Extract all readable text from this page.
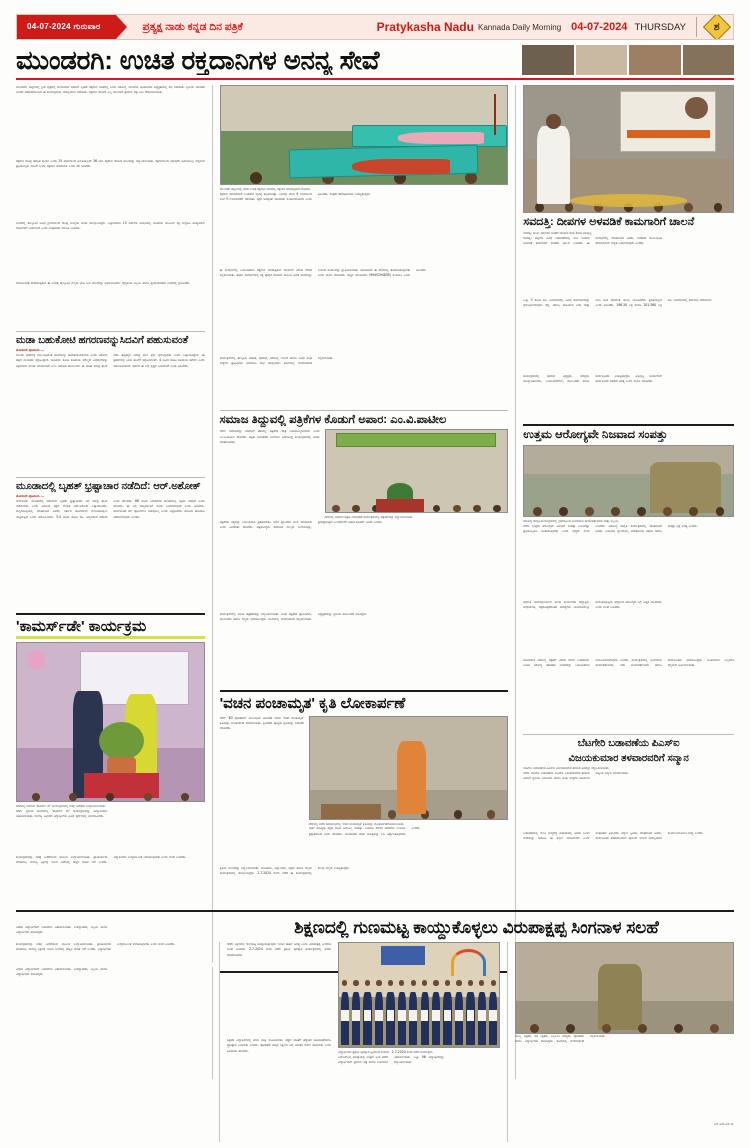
04-07-2024 ಗುರುವಾರ	ಪ್ರತ್ಯಕ್ಷ ನಾಡು ಕನ್ನಡ ದಿನ ಪತ್ರಿಕೆ	Pratykasha Nadu Kannada Daily Morning 04-07-2024 THURSDAY	ಶ
ಮುಂಡರಗಿ: ಉಚಿತ ರಕ್ತದಾನಿಗಳ ಅನನ್ಯ ಸೇವೆ
ಮುಂಡರಗಿ: ಪಟ್ಟಣದಲ್ಲಿ ಶ್ರೀಶ ವೃತ್ತದಲ್ಲಿ ಮಂಗಳವಾರ ಜರುಗಿದ ಬೃಹತ್ ರಕ್ತದಾನ ಶಿಬಿರದಲ್ಲಿ ಎಂದು ಆರೋಗ್ಯ ಇಲಾಖೆಯ ಅಧಿಕಾರಿಗಳು ಅಧ್ಯಕ್ಷತೆಯಲ್ಲಿ ಸಭೆ ನಡೆಯಿತು. ಸ್ಥಳೀಯ ಯುವಕರ ಬಳಗದ ಸಹಕಾರದೊಂದಿಗೆ ಈ ಕಾರ್ಯಕ್ರಮವು ಯಶಸ್ವಿಯಾಗಿ ನಡೆಯಿತು. ರಕ್ತದಾನ ಮಾಡಿದ ಎಲ್ಲ ದಾನಿಗಳಿಗೆ ಪ್ರಮಾಣ ಪತ್ರ ನೀಡಿ ಗೌರವಿಸಲಾಯಿತು.
ರಕ್ತದಾನ ದೊಡ್ಡ ಪರಹಿತ ಕಾರ್ಯ ಎಂದು 15 ವರ್ಷಗಳಿಂದ ಅಣತಿಯಿಲ್ಲದೇ 36 ಬಾರಿ ರಕ್ತದಾನ ಮಾಡಿದ ದಾನಿಗಳನ್ನು ಸನ್ಮಾನಿಸಲಾಯಿತು. ರಕ್ತದಾನದಿಂದ ಯಾವುದೇ ಅಪಾಯವಿಲ್ಲ ಆದ್ದರಿಂದ ಪ್ರತಿಯೊಬ್ಬರು ಮುಂದೆ ಬಂದು ರಕ್ತದಾನ ಮಾಡಬೇಕು ಎಂದು ಕರೆ ನೀಡಿದರು.
ಶಿಬಿರದಲ್ಲಿ ತಾಲ್ಲೂಕಿನ ವಿವಿಧ ಗ್ರಾಮಗಳಿಂದ ದೊಡ್ಡ ಸಂಖ್ಯೆಯ ಜನರು ಪಾಲ್ಗೊಂಡಿದ್ದರು. ಒಟ್ಟಾರೆಯಾಗಿ 15 ವರ್ಷಗಳ ಅವಧಿಯಲ್ಲಿ ಸಾವಿರಾರು ಯೂನಿಟ್ ರಕ್ತ ಸಂಗ್ರಹಿಸಿ ಅಗತ್ಯವಿರುವ ರೋಗಿಗಳಿಗೆ ನೀಡಲಾಗಿದೆ ಎಂದು ಸಂಘಟಕರು ಮಾಹಿತಿ ನೀಡಿದರು.
ಮಾನವೀಯತೆ ಮೆರೆಯುತ್ತಿರುವ ಈ ಶಿಬಿರಕ್ಕೆ ತಾಲ್ಲೂಕಿನ ಗಣ್ಯರು ಭೇಟಿ ನೀಡಿ ದಾನಿಗಳನ್ನು ಅಭಿನಂದಿಸಿದರು. ವೈದ್ಯಕೀಯ ಸಿಬ್ಬಂದಿ ಹಾಗೂ ಸ್ವಯಂಸೇವಕರು ಶಿಬಿರದಲ್ಲಿ ಶ್ರಮಿಸಿದರು.
ಮಡಾ ಬಹುಕೋಟಿ ಹಗರಣವನ್ನುಸಿದವಿಗೆ ಪಹುಸುವಂತೆ
ಮೊದಲನೇ ಪುಟದಿಂದ....
ಮೂಡಾ ಹಗರಣಕ್ಕೆ ಸಂಬಂಧಿಸಿದಂತೆ ತನಿಖೆಯನ್ನು ಚುರುಕುಗೊಳಿಸಬೇಕು ಎಂದು ವಿರೋಧ ಪಕ್ಷದ ನಾಯಕರು ಆಗ್ರಹಿಸಿದ್ದಾರೆ. ಸಾವಿರಾರು ಕೋಟಿ ರೂಪಾಯಿ ಮೌಲ್ಯದ ನಿವೇಶನಗಳನ್ನು ಅಕ್ರಮವಾಗಿ ಹಂಚಿಕೆ ಮಾಡಲಾಗಿದೆ ಎಂಬ ಆರೋಪ ಕೇಳಿಬಂದಿದೆ. ಈ ಕುರಿತು ಸಮಗ್ರ ತನಿಖೆ ನಡೆಸಿ ತಪ್ಪಿತಸ್ಥರ ವಿರುದ್ಧ ಕಠಿಣ ಕ್ರಮ ಕೈಗೊಳ್ಳಬೇಕು ಎಂದು ಒತ್ತಾಯಿಸಿದ್ದಾರೆ. ಈ ಪ್ರಕರಣದಲ್ಲಿ ಸಿಬಿಐ ತನಿಖೆಗೆ ಆಗ್ರಹಿಸಲಾಗಿದೆ. 4 ಸಾವಿರ ಕೋಟಿ ರೂಪಾಯಿ ಹಗರಣ ಎಂದು ಆರೋಪಿಸಲಾಗಿದೆ. ಸರ್ಕಾರ ಈ ಬಗ್ಗೆ ಸ್ಪಷ್ಟನೆ ನೀಡಬೇಕಿದೆ ಎಂದು ತಿಳಿಸಿದರು.
ಮೂಡಾದಲ್ಲಿ ಬೃಹತ್ ಭ್ರಷ್ಟಾಚಾರ ನಡೆದಿದೆ: ಆರ್.ಅಶೋಕ್
ಮೊದಲನೇ ಪುಟದಿಂದ....
ಬೆಂಗಳೂರು: ಮೂಡಾದಲ್ಲಿ ನಡೆದಿರುವ ಬೃಹತ್ ಭ್ರಷ್ಟಾಚಾರದ ಬಗ್ಗೆ ಸಮಗ್ರ ತನಿಖೆ ನಡೆಯಬೇಕು ಎಂದು ವಿರೋಧ ಪಕ್ಷದ ನಾಯಕ ಆರ್.ಅಶೋಕ್ ಒತ್ತಾಯಿಸಿದರು. ಸುದ್ದಿಗೋಷ್ಠಿಯಲ್ಲಿ ಮಾತನಾಡಿದ ಅವರು, ಸರ್ಕಾರ ತನಿಖೆಯಿಂದ ನುಣುಚಿಕೊಳ್ಳಲು ಯತ್ನಿಸುತ್ತಿದೆ ಎಂದು ಆರೋಪಿಸಿದರು. 3-4 ಸಾವಿರ ಕೋಟಿ ರೂ. ಅವ್ಯವಹಾರ ನಡೆದಿದೆ ಎಂದು ಹೇಳಿದರು. 86 ಸಾವಿರ ನಿವೇಶನಗಳ ಹಂಚಿಕೆಯಲ್ಲಿ ಅಕ್ರಮ ನಡೆದಿದೆ ಎಂದು ಹೇಳಿದರು. ಈ ಬಗ್ಗೆ ರಾಜ್ಯಪಾಲರಿಗೆ ದೂರು ನೀಡಲಾಗುವುದು ಎಂದು ತಿಳಿಸಿದರು. ಸಾರ್ವಜನಿಕರ ಹಣ ಪೋಲಾಗಲು ಬಿಡುವುದಿಲ್ಲ ಎಂದು ಎಚ್ಚರಿಸಿದರು. ಕಾನೂನು ಹೋರಾಟ ನಡೆಸಲಾಗುವುದು ಎಂದರು.
'ಕಾಮರ್ಸ್‌ಡೇ' ಕಾರ್ಯಕ್ರಮ
ಗದಗನಲ್ಲಿ ಜರುಗಿದ 'ಕಾಮರ್ಸ್ ಡೇ' ಕಾರ್ಯಕ್ರಮದಲ್ಲಿ ಗಿಡಕ್ಕೆ ನೀರೆರೆದು ಉದ್ಘಾಟಿಸಲಾಯಿತು.
ಗದಗ: ಸ್ಥಳೀಯ ಕಾಲೇಜಿನಲ್ಲಿ 'ಕಾಮರ್ಸ್ ಡೇ' ಕಾರ್ಯಕ್ರಮವನ್ನು ಅದ್ದೂರಿಯಾಗಿ ಆಚರಿಸಲಾಯಿತು. ವಾಣಿಜ್ಯ ವಿಭಾಗದ ವಿದ್ಯಾರ್ಥಿಗಳು ವಿವಿಧ ಸ್ಪರ್ಧೆಗಳಲ್ಲಿ ಭಾಗವಹಿಸಿದರು.
ಕಾರ್ಯಕ್ರಮವನ್ನು ಗಿಡಕ್ಕೆ ನೀರೆರೆಯುವ ಮೂಲಕ ಉದ್ಘಾಟಿಸಲಾಯಿತು. ಪ್ರಾಚಾರ್ಯರು ಮಾತನಾಡಿ, ವಾಣಿಜ್ಯ ಶಿಕ್ಷಣಕ್ಕೆ ಇಂದಿನ ದಿನಗಳಲ್ಲಿ ಹೆಚ್ಚಿನ ಬೇಡಿಕೆ ಇದೆ ಎಂದರು. ವಿದ್ಯಾರ್ಥಿಗಳು ಉದ್ಯಮಶೀಲತೆ ಬೆಳೆಸಿಕೊಳ್ಳಬೇಕು ಎಂದು ಸಲಹೆ ನೀಡಿದರು.
ವಿಜೇತ ವಿದ್ಯಾರ್ಥಿಗಳಿಗೆ ಬಹುಮಾನ ವಿತರಿಸಲಾಯಿತು. ಉಪನ್ಯಾಸಕರು, ಸಿಬ್ಬಂದಿ ಹಾಗೂ ವಿದ್ಯಾರ್ಥಿಗಳು ಹಾಜರಿದ್ದರು.
ಮುಂಡರಗಿ ಪಟ್ಟಣದಲ್ಲಿ ನಡೆದ ಉಚಿತ ರಕ್ತದಾನ ಶಿಬಿರದಲ್ಲಿ ರಕ್ತದಾನ ಮಾಡುತ್ತಿರುವ ದಾನಿಗಳು.
ರಕ್ತದಾನ ಮಾಡಿದವರಿಗೆ ಉಪಹಾರ ವ್ಯವಸ್ಥೆ ಕಲ್ಪಿಸಲಾಗಿತ್ತು. ಶಿಬಿರವು ಬೆಳಿಗ್ಗೆ 9 ಗಂಟೆಯಿಂದ ಸಂಜೆ 5 ಗಂಟೆಯವರೆಗೆ ನಡೆಯಿತು. ರಕ್ತದ ಅವಶ್ಯಕತೆ ಇರುವವರು ಸಂಪರ್ಕಿಸಬಹುದು ಎಂದು ತಿಳಿಸಿದರು. ಸಂಘದ ಪದಾಧಿಕಾರಿಗಳು ಉಪಸ್ಥಿತರಿದ್ದರು.
ಈ ಸಂದರ್ಭದಲ್ಲಿ ನಿಯಮಿತವಾಗಿ ರಕ್ತದಾನ ಮಾಡುತ್ತಿರುವ ದಾನಿಗಳಿಗೆ ವಿಶೇಷ ಗೌರವ ಸಲ್ಲಿಸಲಾಯಿತು. ತುರ್ತು ಸಂದರ್ಭಗಳಲ್ಲಿ ರಕ್ತ ಪೂರೈಕೆ ಮಾಡುವ ಮೂಲಕ ಅನೇಕ ಜೀವಗಳನ್ನು ಉಳಿಸಿದ ಕಾರ್ಯವನ್ನು ಶ್ಲಾಘಿಸಲಾಯಿತು. ಯುವಜನರು ಈ ಸೇವೆಯಲ್ಲಿ ತೊಡಗಿಸಿಕೊಳ್ಳಬೇಕು ಎಂದು ಮನವಿ ಮಾಡಿದರು. ಹೆಚ್ಚಿನ ಮಾಹಿತಿಗಾಗಿ (9945294839) ಸಂಪರ್ಕಿಸಿ ಎಂದು ತಿಳಿಸಿದರು.
ಕಾರ್ಯಕ್ರಮದಲ್ಲಿ ತಾಲ್ಲೂಕು ಆಡಳಿತ, ಪುರಸಭೆ, ಆರೋಗ್ಯ ಇಲಾಖೆ ಹಾಗೂ ವಿವಿಧ ಸಂಘ ಸಂಸ್ಥೆಗಳ ಪ್ರತಿನಿಧಿಗಳು ಭಾಗವಹಿಸಿ ಶುಭ ಹಾರೈಸಿದರು. ಕೊನೆಯಲ್ಲಿ ವಂದನಾರ್ಪಣೆ ಸಲ್ಲಿಸಲಾಯಿತು.
ಸಮಾಜ ತಿದ್ದುವಲ್ಲಿ ಪತ್ರಿಕೆಗಳ ಕೊಡುಗೆ ಅಪಾರ: ಎಂ.ವಿ.ಪಾಟೀಲ
ಗದಗ: ಸಮಾಜವನ್ನು ಸರಿದಾರಿಗೆ ತರುವಲ್ಲಿ ಪತ್ರಿಕೆಗಳ ಪಾತ್ರ ಬಹುಮುಖ್ಯವಾದುದು ಎಂದು ಎಂ.ವಿ.ಪಾಟೀಲ ಹೇಳಿದರು. ಪತ್ರಿಕಾ ದಿನಾಚರಣೆ ಅಂಗವಾಗಿ ಏರ್ಪಡಿಸಿದ್ದ ಕಾರ್ಯಕ್ರಮದಲ್ಲಿ ಅವರು ಮಾತನಾಡಿದರು.
ಗದಗನಲ್ಲಿ ಜರುಗಿದ ಪತ್ರಿಕಾ ದಿನಾಚರಣೆ ಕಾರ್ಯಕ್ರಮದಲ್ಲಿ ಪತ್ರಕರ್ತರನ್ನು ಸನ್ಮಾನಿಸಲಾಯಿತು.
ಪತ್ರಿಕೆಗಳು ಸತ್ಯವನ್ನು ನಿರ್ಭಯವಾಗಿ ಪ್ರಕಟಿಸಬೇಕು. ಜನರ ಧ್ವನಿಯಾಗಿ ಕೆಲಸ ಮಾಡಬೇಕು ಎಂದು ಕಿವಿಮಾತು ಹೇಳಿದರು. ಪತ್ರಿಕೋದ್ಯಮ ಸಮಾಜದ ನಾಲ್ಕನೇ ಅಂಗವಾಗಿದ್ದು, ಪ್ರಜಾಪ್ರಭುತ್ವದ ಬಲವರ್ಧನೆಗೆ ಅಪಾರ ಕೊಡುಗೆ ನೀಡಿದೆ ಎಂದರು.
ಕಾರ್ಯಕ್ರಮದಲ್ಲಿ ಹಿರಿಯ ಪತ್ರಕರ್ತರನ್ನು ಸನ್ಮಾನಿಸಲಾಯಿತು. ವಿವಿಧ ಪತ್ರಿಕೆಗಳ ಪ್ರತಿನಿಧಿಗಳು, ಮುಖಂಡರು ಹಾಗೂ ಗಣ್ಯರು ಭಾಗವಹಿಸಿದ್ದರು. ಕೊನೆಯಲ್ಲಿ ವಂದನಾರ್ಪಣೆ ಸಲ್ಲಿಸಲಾಯಿತು. ಅಧ್ಯಕ್ಷತೆಯನ್ನು ಸ್ಥಳೀಯ ಮುಖಂಡರು ವಹಿಸಿದ್ದರು.
'ವಚನ ಪಂಚಾಮೃತ' ಕೃತಿ ಲೋಕಾರ್ಪಣೆ
ಗದಗ: '63 ಪುರಾತನರು' ಸಂಬಂಧಿಸಿದ ನಿರೂಪಣೆ ಇರುವ 'ವಚನ ಪಂಚಾಮೃತ' ಕೃತಿಯನ್ನು ಲೋಕಾರ್ಪಣೆ ಮಾಡಲಾಯಿತು. ಶ್ರೀಮಠದ ಪೂಜ್ಯರು ಕೃತಿಯನ್ನು ಬಿಡುಗಡೆ ಮಾಡಿದರು.
ಗದಗನಲ್ಲಿ ನಡೆದ ಸಮಾರಂಭದಲ್ಲಿ 'ವಚನ ಪಂಚಾಮೃತ' ಕೃತಿಯನ್ನು ಲೋಕಾರ್ಪಣೆಗೊಳಿಸಲಾಯಿತು.
ವಚನ ಸಾಹಿತ್ಯವು ಕನ್ನಡ ನಾಡಿನ ಅಮೂಲ್ಯ ಸಂಪತ್ತು. ಬಸವಾದಿ ಶರಣರ ವಚನಗಳು ಇಂದಿಗೂ ಪ್ರಸ್ತುತವಾಗಿವೆ ಎಂದು ಹೇಳಿದರು. ಯುವಜನರು ವಚನ ಸಾಹಿತ್ಯವನ್ನು ಓದಿ ಅರ್ಥೈಸಿಕೊಳ್ಳಬೇಕು ಎಂದರು.
ಕೃತಿಯ ಲೇಖಕರನ್ನು ಸನ್ಮಾನಿಸಲಾಯಿತು. ಸಾಹಿತಿಗಳು, ವಿದ್ವಾಂಸರು, ಭಕ್ತರು ಹಾಗೂ ಗಣ್ಯರು ಕಾರ್ಯಕ್ರಮದಲ್ಲಿ ಪಾಲ್ಗೊಂಡಿದ್ದರು. 2-7-2024 ರಂದು ನಡೆದ ಈ ಕಾರ್ಯಕ್ರಮದಲ್ಲಿ ಹಲವು ಗಣ್ಯರು ಉಪಸ್ಥಿತರಿದ್ದರು.
ಸವದತ್ತಿ: ದೀಪಗಳ ಅಳವಡಿಕೆ ಕಾಮಗಾರಿಗೆ ಚಾಲನೆ
ಸವದತ್ತಿ: ರಾ.ಹೆ. ಸರ್ಕಾರದ ಜನತೆಗೆ ಆದಿವಾಸ ಶಂಕು ಕೇಳದ ಅಭಿವೃದ್ಧಿ
ಸವದತ್ತಿ: ಪಟ್ಟಣದ ವಿವಿಧ ಬಡಾವಣೆಗಳಲ್ಲಿ ಬೀದಿ ದೀಪಗಳ ಅಳವಡಿಕೆ ಕಾಮಗಾರಿಗೆ ಶಾಸಕರು ಚಾಲನೆ ನೀಡಿದರು. ಈ ಸಂದರ್ಭದಲ್ಲಿ ಮಾತನಾಡಿದ ಅವರು, ನಾಗರಿಕರ ಮೂಲಭೂತ ಸೌಕರ್ಯಗಳಿಗೆ ಆದ್ಯತೆ ನೀಡಲಾಗುವುದು ಎಂದರು.
ಒಟ್ಟು 3 ಕೋಟಿ ರೂ. ಅನುದಾನದಲ್ಲಿ ವಿವಿಧ ಕಾಮಗಾರಿಗಳನ್ನು ಕೈಗೊಳ್ಳಲಾಗುವುದು. ರಸ್ತೆ, ಚರಂಡಿ, ಕುಡಿಯುವ ನೀರು ಮತ್ತು ಬೀದಿ ದೀಪ ಸೇರಿದಂತೆ ಹಲವು ಯೋಜನೆಗಳು ಪ್ರಗತಿಯಲ್ಲಿವೆ ಎಂದು ತಿಳಿಸಿದರು. 198.30 ಲಕ್ಷ ಹಾಗೂ 201.560 ಲಕ್ಷ ರೂ. ಅನುದಾನದಲ್ಲಿ ಕಾಮಗಾರಿ ನಡೆಯಲಿದೆ.
ಕಾರ್ಯಕ್ರಮದಲ್ಲಿ ಪುರಸಭೆ ಅಧ್ಯಕ್ಷರು, ಸದಸ್ಯರು, ಮುಖ್ಯಾಧಿಕಾರಿಗಳು, ಎಂಜಿನಿಯರ್‌ಗಳು, ಮುಖಂಡರು ಹಾಗೂ ಸಾರ್ವಜನಿಕರು ಉಪಸ್ಥಿತರಿದ್ದರು. ಅಭಿವೃದ್ಧಿ ಕಾರ್ಯಗಳಿಗೆ ಸಾರ್ವಜನಿಕರ ಸಹಕಾರ ಅಗತ್ಯ ಎಂದು ಮನವಿ ಮಾಡಿದರು.
ಉತ್ತಮ ಆರೋಗ್ಯವೇ ನಿಜವಾದ ಸಂಪತ್ತು
ಆರೋಗ್ಯ ಜಾಗೃತಿ ಕಾರ್ಯಕ್ರಮದಲ್ಲಿ ಭಾಗವಹಿಸಿದ ಅಂಗನವಾಡಿ ಕಾರ್ಯಕರ್ತೆಯರು ಮತ್ತು ಸಿಬ್ಬಂದಿ.
ಗದಗ: ಉತ್ತಮ ಆರೋಗ್ಯವೇ ನಿಜವಾದ ಸಂಪತ್ತು ಎಂಬುದನ್ನು ಪ್ರತಿಯೊಬ್ಬರೂ ಅರಿತುಕೊಳ್ಳಬೇಕು ಎಂದು ವೈದ್ಯರು ಸಲಹೆ ನೀಡಿದರು. ಆರೋಗ್ಯ ಜಾಗೃತಿ ಕಾರ್ಯಕ್ರಮದಲ್ಲಿ ಮಾತನಾಡಿದ ಅವರು, ನಿಯಮಿತ ವ್ಯಾಯಾಮ, ಸಮತೋಲಿತ ಆಹಾರ ಹಾಗೂ ಸಾಕಷ್ಟು ನಿದ್ರೆ ಅಗತ್ಯ ಎಂದರು.
ಆಧುನಿಕ ಜೀವನಶೈಲಿಯಿಂದ ಹಲವು ಕಾಯಿಲೆಗಳು ಹೆಚ್ಚುತ್ತಿವೆ. ಮಧುಮೇಹ, ರಕ್ತದೊತ್ತಡದಂತಹ ಸಮಸ್ಯೆಗಳು ಯುವಜನರಲ್ಲೂ ಕಾಣಿಸಿಕೊಳ್ಳುತ್ತಿವೆ. ಆದ್ದರಿಂದ ಆರೋಗ್ಯದ ಬಗ್ಗೆ ಎಚ್ಚರ ವಹಿಸಬೇಕು ಎಂದು ಸಲಹೆ ನೀಡಿದರು.
ಮಹಿಳೆಯರ ಆರೋಗ್ಯ ರಕ್ಷಣೆಗೆ ವಿಶೇಷ ಗಮನ ನೀಡಬೇಕಿದೆ. ಉಚಿತ ಆರೋಗ್ಯ ತಪಾಸಣಾ ಶಿಬಿರಗಳನ್ನು ನಿಯಮಿತವಾಗಿ ಆಯೋಜಿಸಲಾಗುವುದು ಎಂದರು. ಕಾರ್ಯಕ್ರಮದಲ್ಲಿ ಅಂಗನವಾಡಿ ಕಾರ್ಯಕರ್ತೆಯರು, ಆಶಾ ಕಾರ್ಯಕರ್ತೆಯರು ಹಾಗೂ ಸಾರ್ವಜನಿಕರು ಭಾಗವಹಿಸಿದ್ದರು. ಅಂತಿಮವಾಗಿ ಎಲ್ಲರಿಗೂ ಧನ್ಯವಾದ ಅರ್ಪಿಸಲಾಯಿತು.
ಬೆಟಗೇರಿ ಬಡಾವಣೆಯ ಪಿಎಸ್‌ಐ
ವಿಜಯಕುಮಾರ ತಳವಾರವರಿಗೆ ಸನ್ಮಾನ
ಬೆಟಗೇರಿ ಬಡಾವಣೆಯ ಪಿಎಸ್‌ಐ ವಿಜಯಕುಮಾರ ತಳವಾರ ಅವರನ್ನು ಸನ್ಮಾನಿಸಲಾಯಿತು.
ಗದಗ: ಬೆಟಗೇರಿ ಬಡಾವಣೆಯ ಪಿಎಸ್‌ಐ ವಿಜಯಕುಮಾರ ತಳವಾರ ಅವರಿಗೆ ಸ್ಥಳೀಯ ನಿವಾಸಿಗಳು ಹಾಗೂ ಸಂಘ ಸಂಸ್ಥೆಗಳ ವತಿಯಿಂದ ಆತ್ಮೀಯ ಸನ್ಮಾನ ಮಾಡಲಾಯಿತು.
ಬಡಾವಣೆಯಲ್ಲಿ ಶಾಂತಿ ಸುವ್ಯವಸ್ಥೆ ಕಾಪಾಡುವಲ್ಲಿ ಅವರು ನೀಡಿದ ಸೇವೆಯನ್ನು ಗುರುತಿಸಿ ಈ ಸನ್ಮಾನ ಮಾಡಲಾಗಿದೆ ಎಂದು ಸಂಘಟಕರು ತಿಳಿಸಿದರು. ಸನ್ಮಾನ ಸ್ವೀಕರಿಸಿ ಮಾತನಾಡಿದ ಅವರು, ಸಾರ್ವಜನಿಕರ ಸಹಕಾರದಿಂದಲೇ ಪೊಲೀಸ್ ಇಲಾಖೆ ಯಶಸ್ವಿಯಾಗಿ ಕಾರ್ಯನಿರ್ವಹಿಸಲು ಸಾಧ್ಯ ಎಂದರು.
ವಿಜೇತ ವಿದ್ಯಾರ್ಥಿಗಳಿಗೆ ಬಹುಮಾನ ವಿತರಿಸಲಾಯಿತು. ಉಪನ್ಯಾಸಕರು, ಸಿಬ್ಬಂದಿ ಹಾಗೂ ವಿದ್ಯಾರ್ಥಿಗಳು ಹಾಜರಿದ್ದರು.
ಶಿಕ್ಷಣದಲ್ಲಿ ಗುಣಮಟ್ಟ ಕಾಯ್ದುಕೊಳ್ಳಲು ವಿರುಪಾಕ್ಷಪ್ಪ ಸಿಂಗನಾಳ ಸಲಹೆ
ಕಾರ್ಯಕ್ರಮವನ್ನು ಗಿಡಕ್ಕೆ ನೀರೆರೆಯುವ ಮೂಲಕ ಉದ್ಘಾಟಿಸಲಾಯಿತು. ಪ್ರಾಚಾರ್ಯರು ಮಾತನಾಡಿ, ವಾಣಿಜ್ಯ ಶಿಕ್ಷಣಕ್ಕೆ ಇಂದಿನ ದಿನಗಳಲ್ಲಿ ಹೆಚ್ಚಿನ ಬೇಡಿಕೆ ಇದೆ ಎಂದರು. ವಿದ್ಯಾರ್ಥಿಗಳು ಉದ್ಯಮಶೀಲತೆ ಬೆಳೆಸಿಕೊಳ್ಳಬೇಕು ಎಂದು ಸಲಹೆ ನೀಡಿದರು.	ಗದಗ: ಶಿಕ್ಷಣದಲ್ಲಿ ಗುಣಮಟ್ಟ ಕಾಯ್ದುಕೊಳ್ಳುವುದು ಇಂದಿನ ತುರ್ತು ಅಗತ್ಯ ಎಂದು ವಿರುಪಾಕ್ಷಪ್ಪ ಸಿಂಗನಾಳ ಸಲಹೆ ನೀಡಿದರು. 2-7-2024 ರಂದು ನಡೆದ ಪ್ರತಿಭಾ ಪುರಸ್ಕಾರ ಕಾರ್ಯಕ್ರಮದಲ್ಲಿ ಅವರು ಮಾತನಾಡಿದರು.
ಶಿಕ್ಷಕರು ವಿದ್ಯಾರ್ಥಿಗಳಲ್ಲಿ ಕಲಿಕಾ ಆಸಕ್ತಿ ಮೂಡಿಸಬೇಕು. ಪಠ್ಯದ ಜೊತೆಗೆ ಪಠ್ಯೇತರ ಚಟುವಟಿಕೆಗಳಿಗೂ ಪ್ರೋತ್ಸಾಹ ನೀಡಬೇಕು ಎಂದರು. ಪೋಷಕರು ಮಕ್ಕಳ ಶಿಕ್ಷಣದ ಬಗ್ಗೆ ನಿರಂತರ ಗಮನ ಹರಿಸಬೇಕು ಎಂದು ಕಿವಿಮಾತು ಹೇಳಿದರು.	ವಿದ್ಯಾರ್ಥಿಗಳು ಪ್ರತಿಭಾ ಪುರಸ್ಕಾರ ಸ್ವೀಕರಿಸಿದ ಸಂದರ್ಭ. 2-7-2024 ರಂದು ನಡೆದ ಕಾರ್ಯಕ್ರಮ.
ಎಸ್ಎಸ್ಎಲ್ಸಿ ಪರೀಕ್ಷೆಯಲ್ಲಿ ಉತ್ತಮ ಅಂಕ ಪಡೆದ ವಿದ್ಯಾರ್ಥಿಗಳಿಗೆ ಪ್ರಮಾಣ ಪತ್ರ ಹಾಗೂ ಬಹುಮಾನ ವಿತರಿಸಲಾಯಿತು. ಒಟ್ಟು 96 ವಿದ್ಯಾರ್ಥಿಗಳನ್ನು ಸನ್ಮಾನಿಸಲಾಯಿತು.
ಮುಖ್ಯ ಶಿಕ್ಷಕರು, ಸಹ ಶಿಕ್ಷಕರು, ಎಸ್ಡಿಎಂಸಿ ಸದಸ್ಯರು, ಪೋಷಕರು ಹಾಗೂ ವಿದ್ಯಾರ್ಥಿಗಳು ಹಾಜರಿದ್ದರು. ಕೊನೆಯಲ್ಲಿ ವಂದನಾರ್ಪಣೆ ಸಲ್ಲಿಸಲಾಯಿತು.
ಎಸ್.ಎಸ್.ಎಸ್.ಜಿ.
